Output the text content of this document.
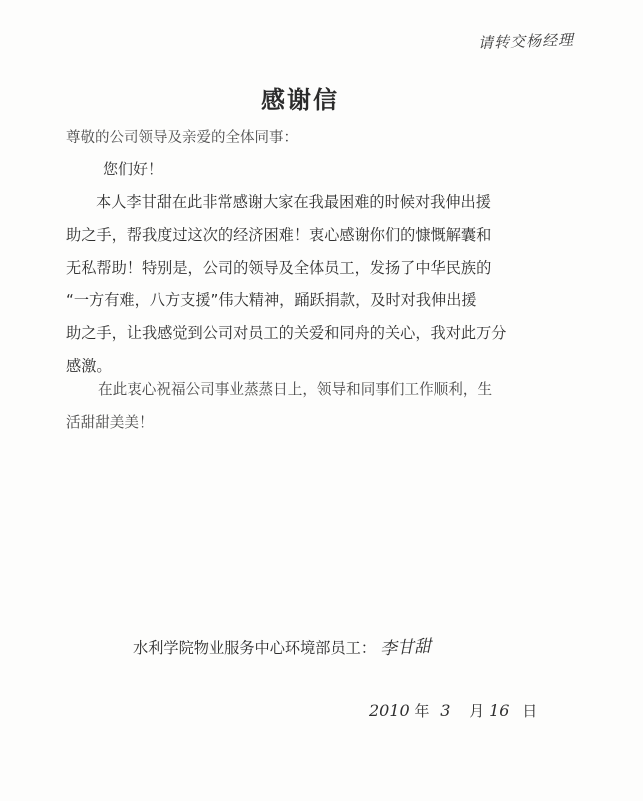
请转交杨经理
感谢信
尊敬的公司领导及亲爱的全体同事：
您们好！
本人李甘甜在此非常感谢大家在我最困难的时候对我伸出援
助之手，帮我度过这次的经济困难！衷心感谢你们的慷慨解囊和
无私帮助！特别是，公司的领导及全体员工，发扬了中华民族的
“一方有难，八方支援”伟大精神，踊跃捐款，及时对我伸出援
助之手，让我感觉到公司对员工的关爱和同舟的关心，我对此万分
感激。
在此衷心祝福公司事业蒸蒸日上，领导和同事们工作顺利，生
活甜甜美美！
水利学院物业服务中心环境部员工： 李甘甜
2010 年 3 月 16 日
